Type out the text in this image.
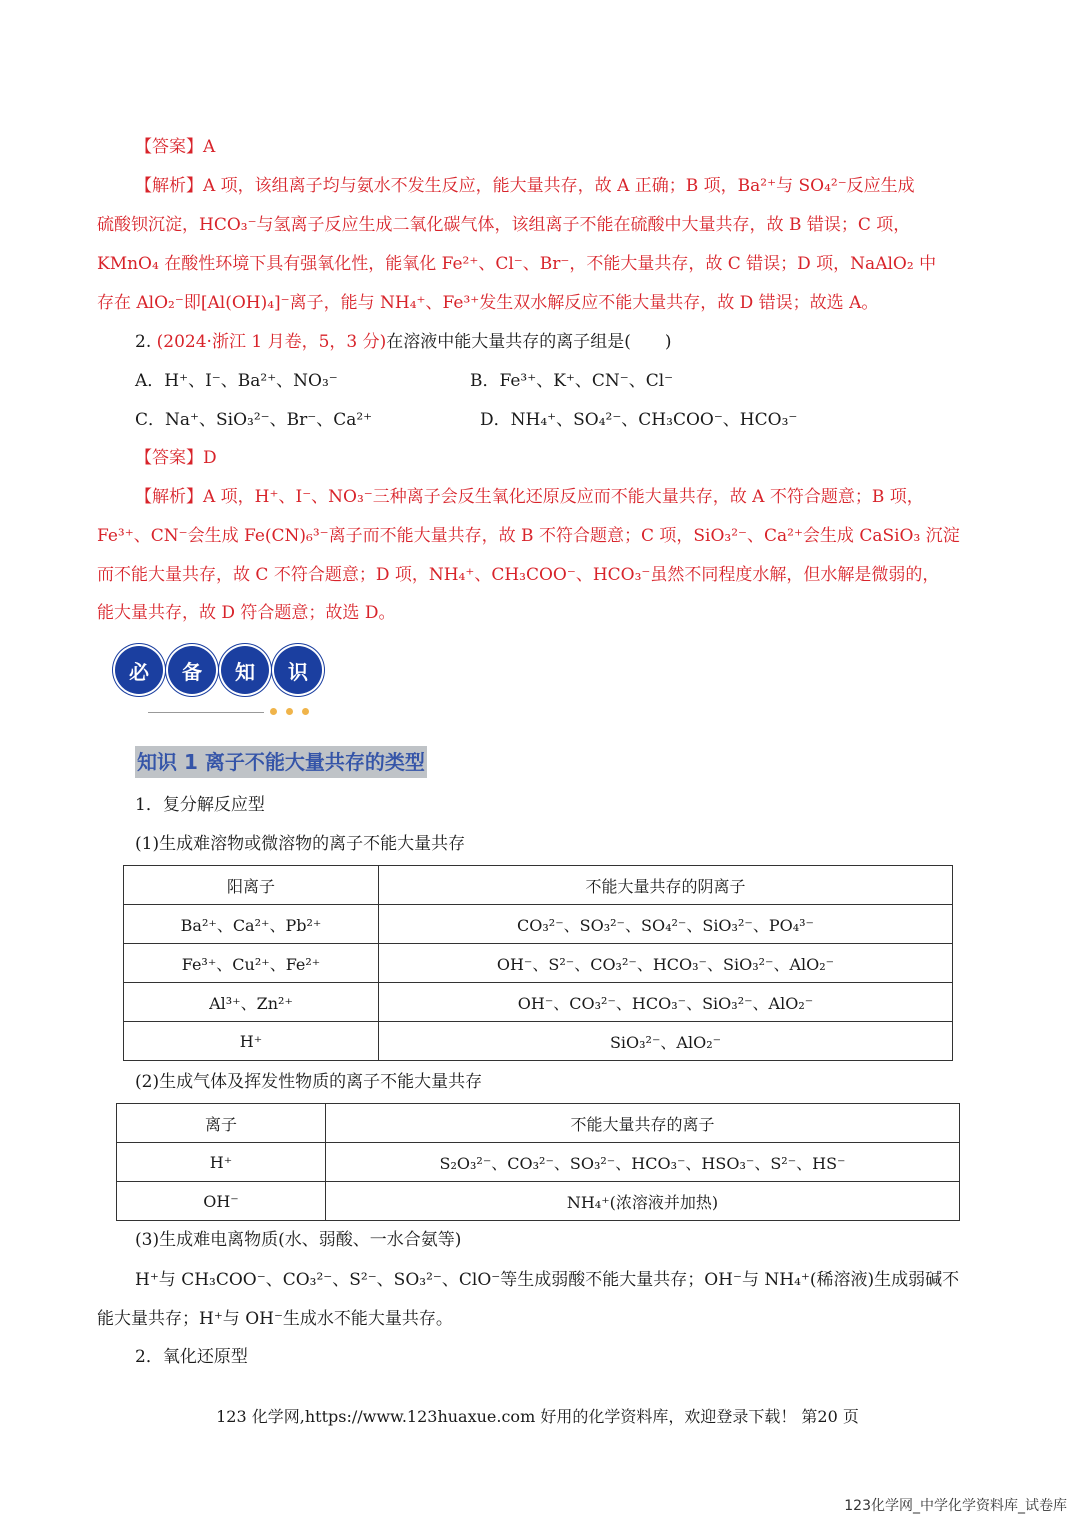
【答案】A
【解析】A 项，该组离子均与氨水不发生反应，能大量共存，故 A 正确；B 项，Ba²⁺与 SO₄²⁻反应生成
硫酸钡沉淀，HCO₃⁻与氢离子反应生成二氧化碳气体，该组离子不能在硫酸中大量共存，故 B 错误；C 项，
KMnO₄ 在酸性环境下具有强氧化性，能氧化 Fe²⁺、Cl⁻、Br⁻，不能大量共存，故 C 错误；D 项，NaAlO₂ 中
存在 AlO₂⁻即[Al(OH)₄]⁻离子，能与 NH₄⁺、Fe³⁺发生双水解反应不能大量共存，故 D 错误；故选 A。
2. (2024·浙江 1 月卷，5，3 分)在溶液中能大量共存的离子组是(　　)
A．H⁺、I⁻、Ba²⁺、NO₃⁻	B．Fe³⁺、K⁺、CN⁻、Cl⁻
C．Na⁺、SiO₃²⁻、Br⁻、Ca²⁺	D．NH₄⁺、SO₄²⁻、CH₃COO⁻、HCO₃⁻
【答案】D
【解析】A 项，H⁺、I⁻、NO₃⁻三种离子会反生氧化还原反应而不能大量共存，故 A 不符合题意；B 项，
Fe³⁺、CN⁻会生成 Fe(CN)₆³⁻离子而不能大量共存，故 B 不符合题意；C 项，SiO₃²⁻、Ca²⁺会生成 CaSiO₃ 沉淀
而不能大量共存，故 C 不符合题意；D 项，NH₄⁺、CH₃COO⁻、HCO₃⁻虽然不同程度水解，但水解是微弱的，
能大量共存，故 D 符合题意；故选 D。
必	备	知	识
知识 1 离子不能大量共存的类型
1．复分解反应型
(1)生成难溶物或微溶物的离子不能大量共存
阳离子	不能大量共存的阴离子
Ba²⁺、Ca²⁺、Pb²⁺	CO₃²⁻、SO₃²⁻、SO₄²⁻、SiO₃²⁻、PO₄³⁻
Fe³⁺、Cu²⁺、Fe²⁺	OH⁻、S²⁻、CO₃²⁻、HCO₃⁻、SiO₃²⁻、AlO₂⁻
Al³⁺、Zn²⁺	OH⁻、CO₃²⁻、HCO₃⁻、SiO₃²⁻、AlO₂⁻
H⁺	SiO₃²⁻、AlO₂⁻
(2)生成气体及挥发性物质的离子不能大量共存
离子	不能大量共存的离子
H⁺	S₂O₃²⁻、CO₃²⁻、SO₃²⁻、HCO₃⁻、HSO₃⁻、S²⁻、HS⁻
OH⁻	NH₄⁺(浓溶液并加热)
(3)生成难电离物质(水、弱酸、一水合氨等)
H⁺与 CH₃COO⁻、CO₃²⁻、S²⁻、SO₃²⁻、ClO⁻等生成弱酸不能大量共存；OH⁻与 NH₄⁺(稀溶液)生成弱碱不
能大量共存；H⁺与 OH⁻生成水不能大量共存。
2．氧化还原型
123 化学网,https://www.123huaxue.com 好用的化学资料库，欢迎登录下载！ 第20 页
123化学网_中学化学资料库_试卷库
